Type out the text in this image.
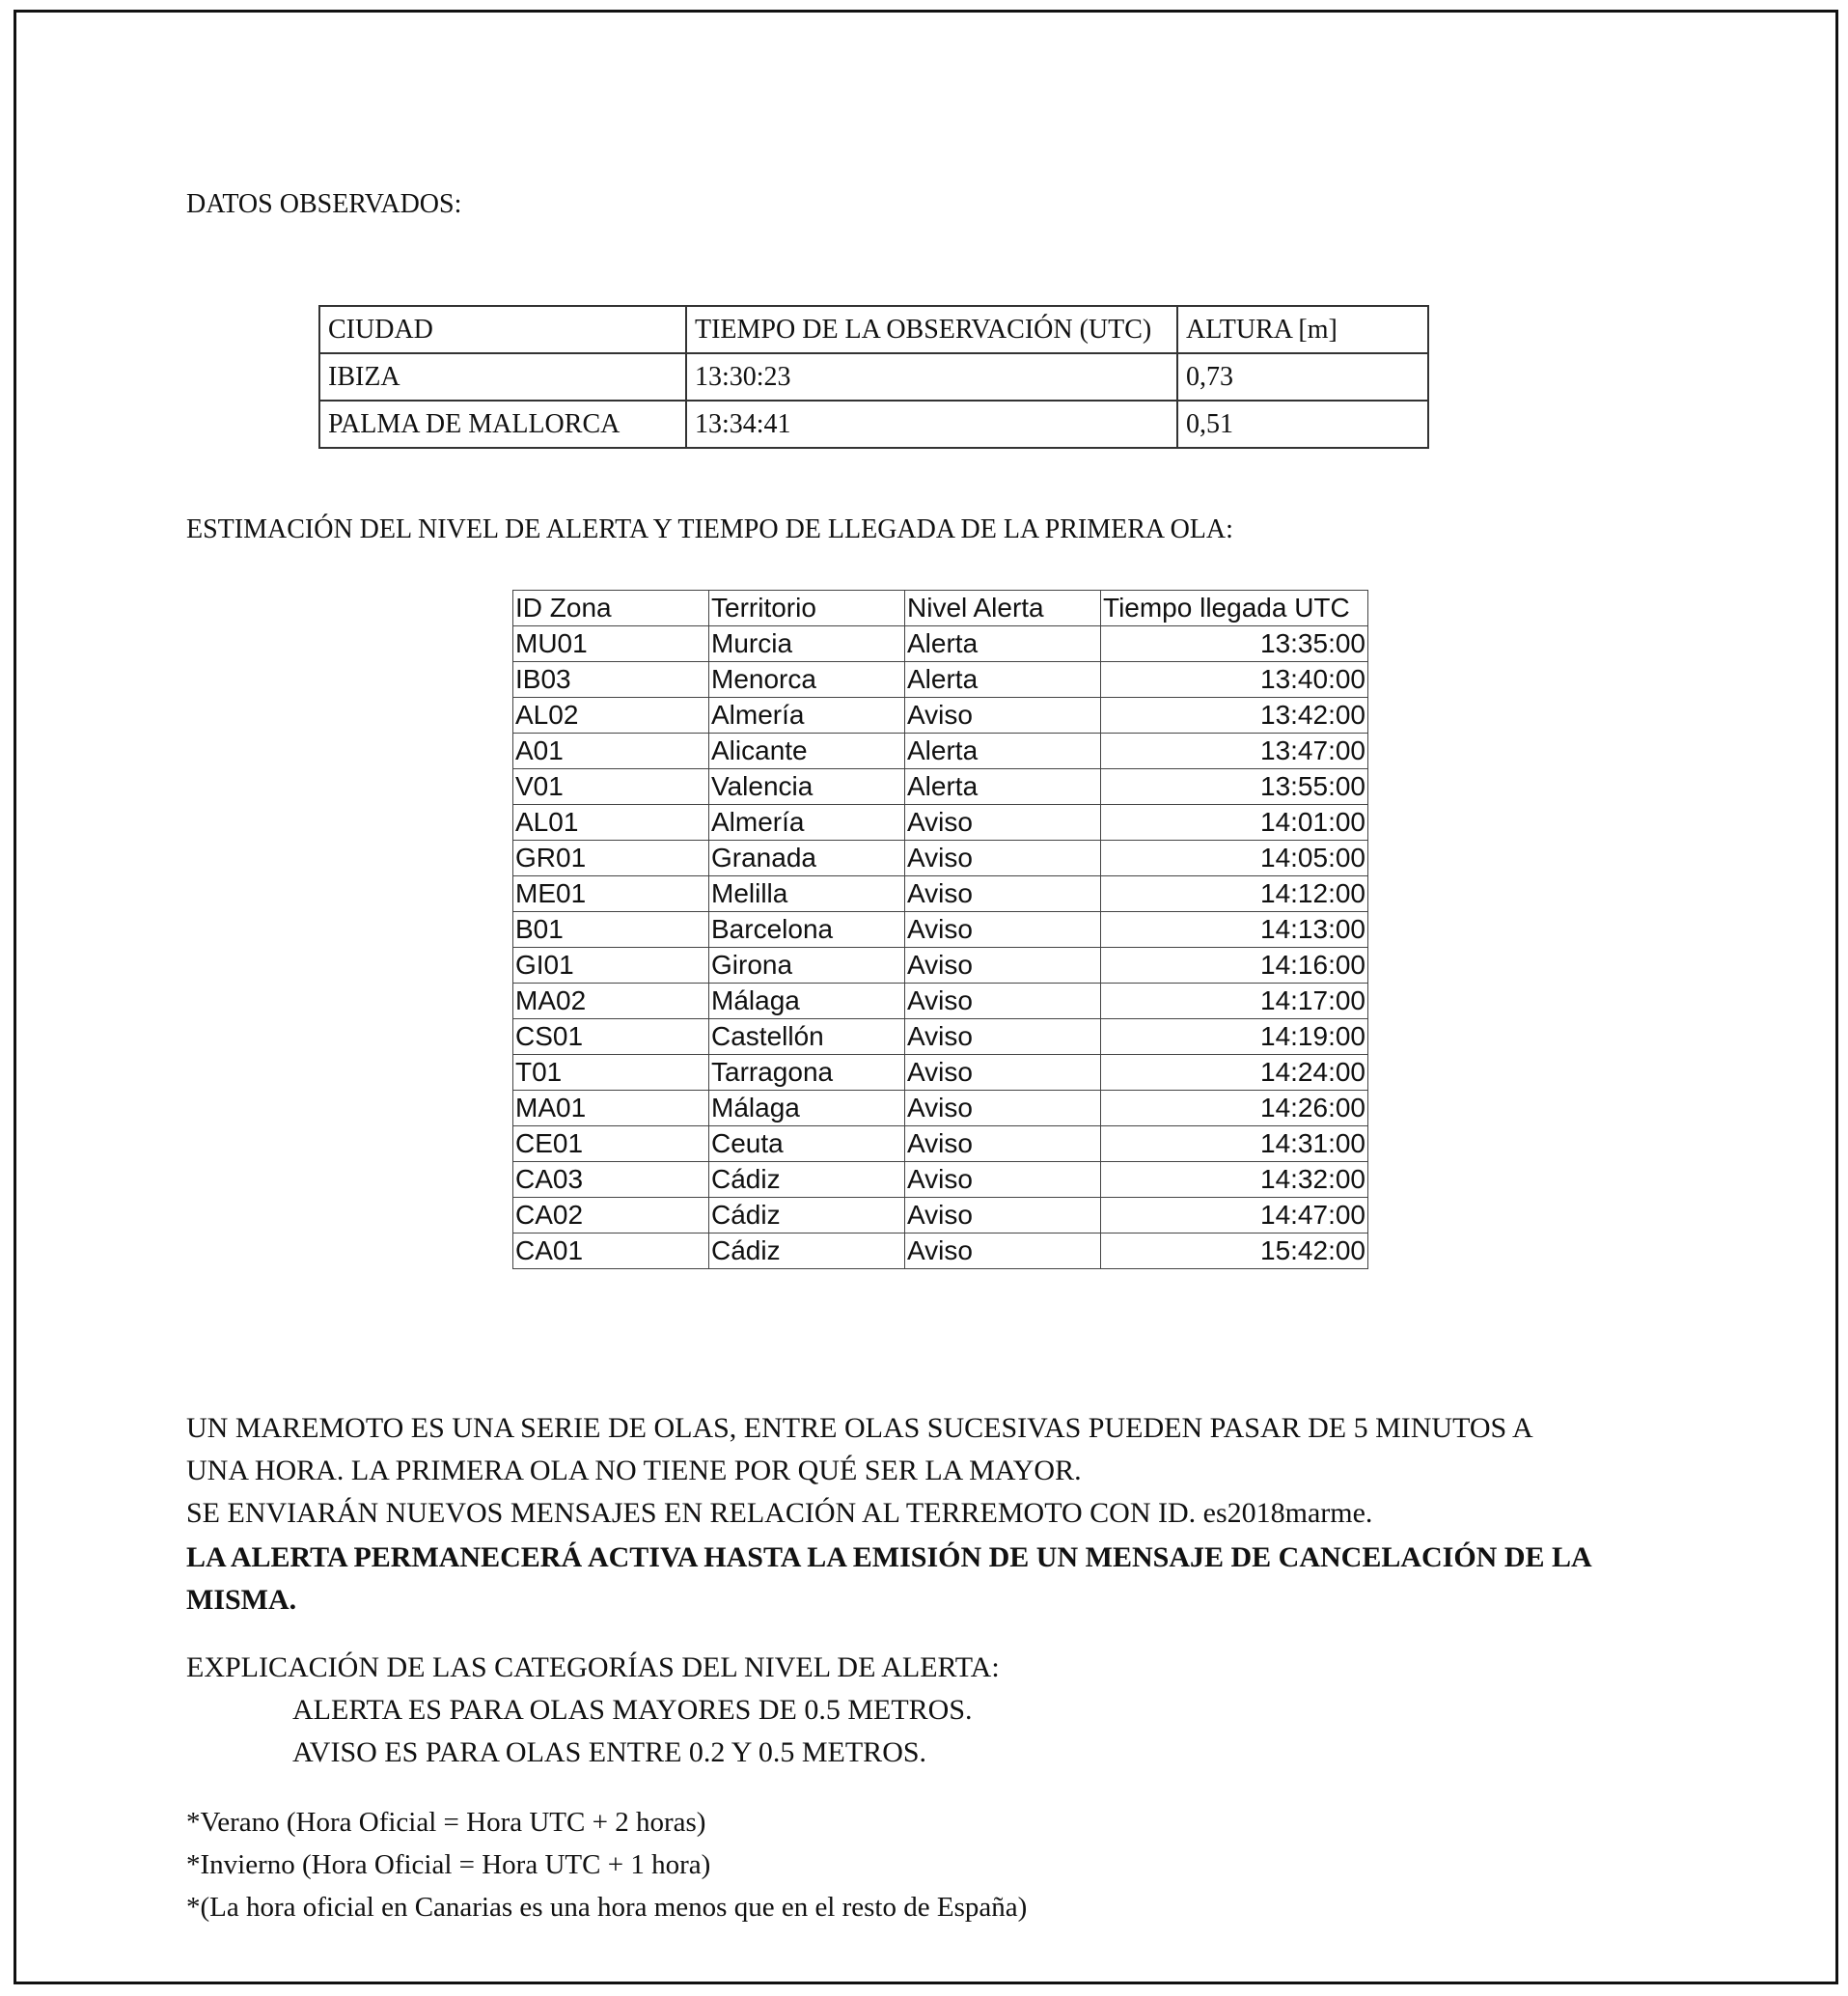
DATOS OBSERVADOS:
CIUDAD	TIEMPO DE LA OBSERVACIÓN (UTC)	ALTURA [m]
IBIZA	13:30:23	0,73
PALMA DE MALLORCA	13:34:41	0,51
ESTIMACIÓN DEL NIVEL DE ALERTA Y TIEMPO DE LLEGADA DE LA PRIMERA OLA:
ID Zona	Territorio	Nivel Alerta	Tiempo llegada UTC
MU01	Murcia	Alerta	13:35:00
IB03	Menorca	Alerta	13:40:00
AL02	Almería	Aviso	13:42:00
A01	Alicante	Alerta	13:47:00
V01	Valencia	Alerta	13:55:00
AL01	Almería	Aviso	14:01:00
GR01	Granada	Aviso	14:05:00
ME01	Melilla	Aviso	14:12:00
B01	Barcelona	Aviso	14:13:00
GI01	Girona	Aviso	14:16:00
MA02	Málaga	Aviso	14:17:00
CS01	Castellón	Aviso	14:19:00
T01	Tarragona	Aviso	14:24:00
MA01	Málaga	Aviso	14:26:00
CE01	Ceuta	Aviso	14:31:00
CA03	Cádiz	Aviso	14:32:00
CA02	Cádiz	Aviso	14:47:00
CA01	Cádiz	Aviso	15:42:00
UN MAREMOTO ES UNA SERIE DE OLAS, ENTRE OLAS SUCESIVAS PUEDEN PASAR DE 5 MINUTOS A
UNA HORA. LA PRIMERA OLA NO TIENE POR QUÉ SER LA MAYOR.
SE ENVIARÁN NUEVOS MENSAJES EN RELACIÓN AL TERREMOTO CON ID. es2018marme.
LA ALERTA PERMANECERÁ ACTIVA HASTA LA EMISIÓN DE UN MENSAJE DE CANCELACIÓN DE LA MISMA.
EXPLICACIÓN DE LAS CATEGORÍAS DEL NIVEL DE ALERTA:
ALERTA ES PARA OLAS MAYORES DE 0.5 METROS.
AVISO ES PARA OLAS ENTRE 0.2 Y 0.5 METROS.
*Verano (Hora Oficial = Hora UTC + 2 horas)
*Invierno (Hora Oficial = Hora UTC + 1 hora)
*(La hora oficial en Canarias es una hora menos que en el resto de España)
